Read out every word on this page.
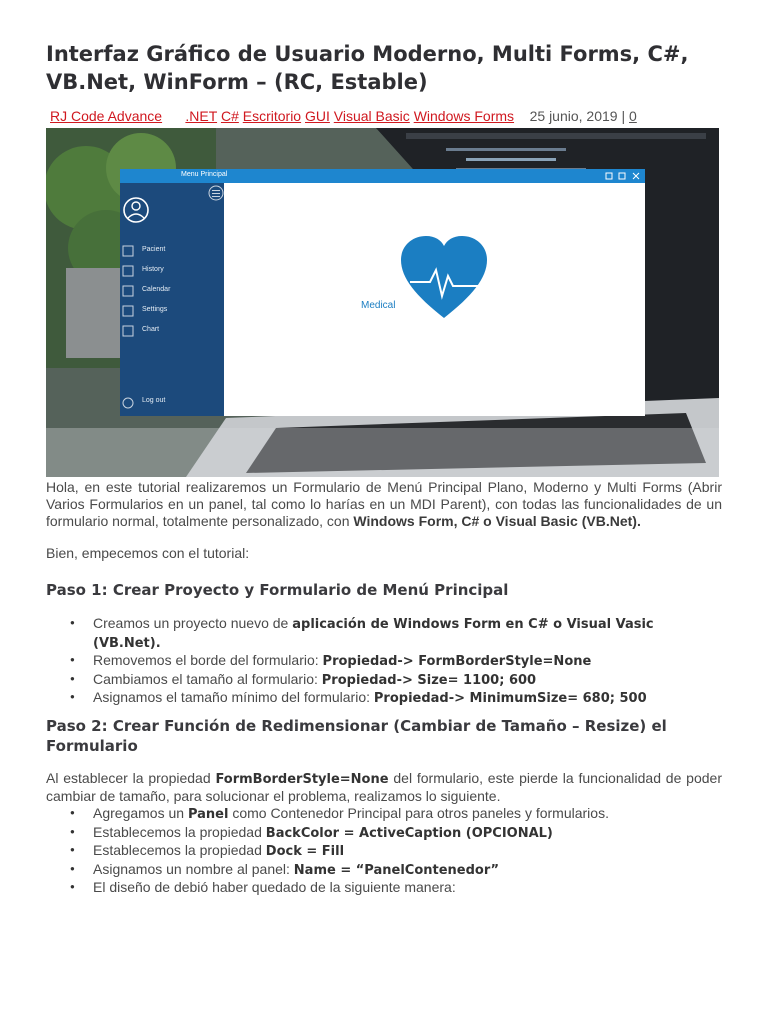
Interfaz Gráfico de Usuario Moderno, Multi Forms, C#, VB.Net, WinForm – (RC, Estable)
RJ Code Advance .NET C# Escritorio GUI Visual Basic Windows Forms 25 junio, 2019 | 0
Menu Principal
Pacient
History
Calendar
Settings
Chart
Log out
Medical

Hola, en este tutorial realizaremos un Formulario de Menú Principal Plano, Moderno y Multi Forms (Abrir Varios Formularios en un panel, tal como lo harías en un MDI Parent), con todas las funcionalidades de un formulario normal, totalmente personalizado, con Windows Form, C# o Visual Basic (VB.Net).

Bien, empecemos con el tutorial:

Paso 1: Crear Proyecto y Formulario de Menú Principal
● Creamos un proyecto nuevo de aplicación de Windows Form en C# o Visual Vasic (VB.Net).
● Removemos el borde del formulario: Propiedad-> FormBorderStyle=None
● Cambiamos el tamaño al formulario: Propiedad-> Size= 1100; 600
● Asignamos el tamaño mínimo del formulario: Propiedad-> MinimumSize= 680; 500
Paso 2: Crear Función de Redimensionar (Cambiar de Tamaño – Resize) el Formulario

Al establecer la propiedad FormBorderStyle=None del formulario, este pierde la funcionalidad de poder cambiar de tamaño, para solucionar el problema, realizamos lo siguiente.

● Agregamos un Panel como Contenedor Principal para otros paneles y formularios.
● Establecemos la propiedad BackColor = ActiveCaption (OPCIONAL)
● Establecemos la propiedad Dock = Fill
● Asignamos un nombre al panel: Name = “PanelContenedor”
● El diseño de debió haber quedado de la siguiente manera:
